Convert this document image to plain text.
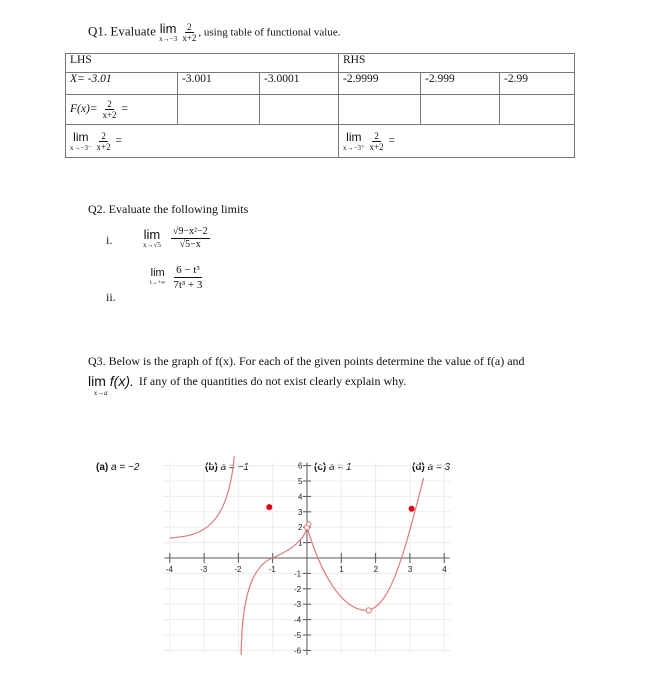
Q1. Evaluate lim
x→−3
$\frac{2}{x+2}$ , using table of functional value.
LHS			RHS		
X= -3.01	-3.001	-3.0001	-2.9999	-2.999	-2.99
$F(x)= \frac{2}{x+2}$ =					

lim
x→−3⁻
$\frac{2}{x+2}$ =			lim
x→−3⁺
$\frac{2}{x+2}$ =		
Q2. Evaluate the following limits
i. lim
x→√5
$\frac{\text{√9−x²−2}}{√5-x}$
ii.
lim
t→+∞
$\frac{\text{6 − t³}}{\text{7t³ + 3}}$
Q3. Below is the graph of f(x). For each of the given points determine the value of f(a) and
lim f(x).
x→a
If any of the quantities do not exist clearly explain why.
(a) a = −2	(b) a = −1	(c) a = 1	(d) a = 3
-4	-3	-2	-1	1	2	3	4
1
2
3
4
5
6
-1
-2
-3
-4
-5
-6
